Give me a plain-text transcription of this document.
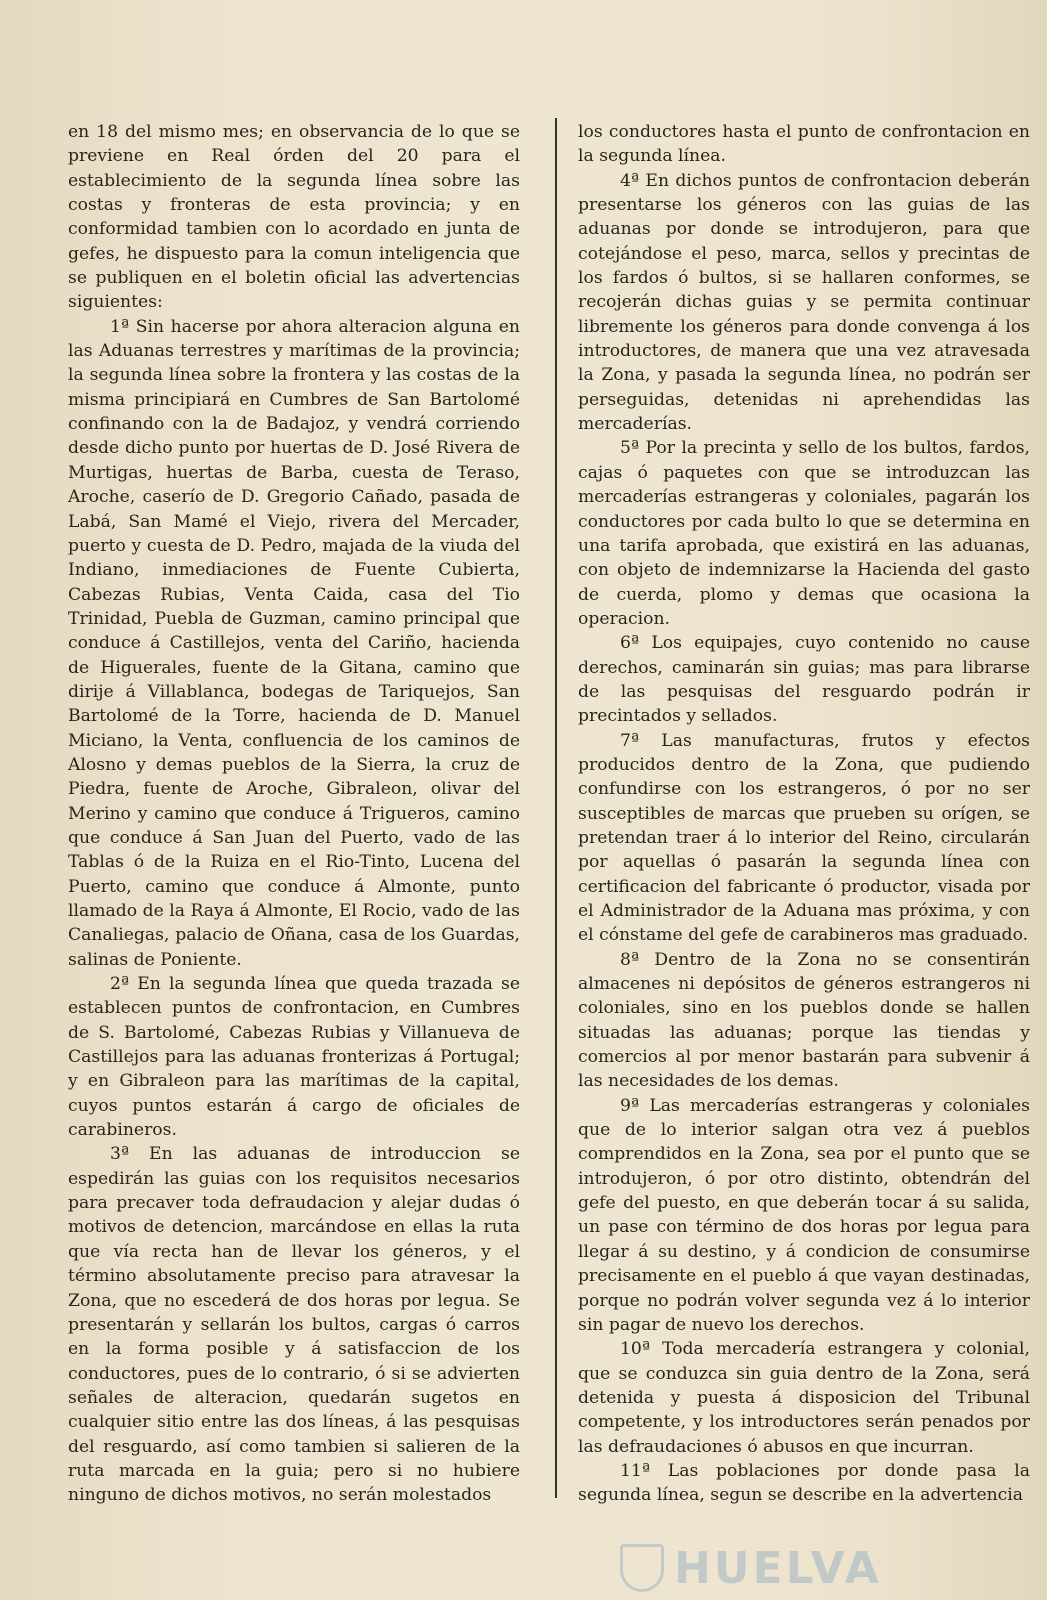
en 18 del mismo mes; en observancia de lo que se previene en Real órden del 20 para el establecimiento de la segunda línea sobre las costas y fronteras de esta provincia; y en conformidad tambien con lo acordado en junta de gefes, he dispuesto para la comun inteligencia que se publiquen en el boletin oficial las advertencias siguientes:

1ª Sin hacerse por ahora alteracion alguna en las Aduanas terrestres y marítimas de la provincia; la segunda línea sobre la frontera y las costas de la misma principiará en Cumbres de San Bartolomé confinando con la de Badajoz, y vendrá corriendo desde dicho punto por huertas de D. José Rivera de Murtigas, huertas de Barba, cuesta de Teraso, Aroche, caserío de D. Gregorio Cañado, pasada de Labá, San Mamé el Viejo, rivera del Mercader, puerto y cuesta de D. Pedro, majada de la viuda del Indiano, inmediaciones de Fuente Cubierta, Cabezas Rubias, Venta Caida, casa del Tio Trinidad, Puebla de Guzman, camino principal que conduce á Castillejos, venta del Cariño, hacienda de Higuerales, fuente de la Gitana, camino que dirije á Villablanca, bodegas de Tariquejos, San Bartolomé de la Torre, hacienda de D. Manuel Miciano, la Venta, confluencia de los caminos de Alosno y demas pueblos de la Sierra, la cruz de Piedra, fuente de Aroche, Gibraleon, olivar del Merino y camino que conduce á Trigueros, camino que conduce á San Juan del Puerto, vado de las Tablas ó de la Ruiza en el Rio-Tinto, Lucena del Puerto, camino que conduce á Almonte, punto llamado de la Raya á Almonte, El Rocio, vado de las Canaliegas, palacio de Oñana, casa de los Guardas, salinas de Poniente.

2ª En la segunda línea que queda trazada se establecen puntos de confrontacion, en Cumbres de S. Bartolomé, Cabezas Rubias y Villanueva de Castillejos para las aduanas fronterizas á Portugal; y en Gibraleon para las marítimas de la capital, cuyos puntos estarán á cargo de oficiales de carabineros.

3ª En las aduanas de introduccion se espedirán las guias con los requisitos necesarios para precaver toda defraudacion y alejar dudas ó motivos de detencion, marcándose en ellas la ruta que vía recta han de llevar los géneros, y el término absolutamente preciso para atravesar la Zona, que no escederá de dos horas por legua. Se presentarán y sellarán los bultos, cargas ó carros en la forma posible y á satisfaccion de los conductores, pues de lo contrario, ó si se advierten señales de alteracion, quedarán sugetos en cualquier sitio entre las dos líneas, á las pesquisas del resguardo, así como tambien si salieren de la ruta marcada en la guia; pero si no hubiere ninguno de dichos motivos, no serán molestados

los conductores hasta el punto de confrontacion en la segunda línea.

4ª En dichos puntos de confrontacion deberán presentarse los géneros con las guias de las aduanas por donde se introdujeron, para que cotejándose el peso, marca, sellos y precintas de los fardos ó bultos, si se hallaren conformes, se recojerán dichas guias y se permita continuar libremente los géneros para donde convenga á los introductores, de manera que una vez atravesada la Zona, y pasada la segunda línea, no podrán ser perseguidas, detenidas ni aprehendidas las mercaderías.

5ª Por la precinta y sello de los bultos, fardos, cajas ó paquetes con que se introduzcan las mercaderías estrangeras y coloniales, pagarán los conductores por cada bulto lo que se determina en una tarifa aprobada, que existirá en las aduanas, con objeto de indemnizarse la Hacienda del gasto de cuerda, plomo y demas que ocasiona la operacion.

6ª Los equipajes, cuyo contenido no cause derechos, caminarán sin guias; mas para librarse de las pesquisas del resguardo podrán ir precintados y sellados.

7ª Las manufacturas, frutos y efectos producidos dentro de la Zona, que pudiendo confundirse con los estrangeros, ó por no ser susceptibles de marcas que prueben su orígen, se pretendan traer á lo interior del Reino, circularán por aquellas ó pasarán la segunda línea con certificacion del fabricante ó productor, visada por el Administrador de la Aduana mas próxima, y con el cónstame del gefe de carabineros mas graduado.

8ª Dentro de la Zona no se consentirán almacenes ni depósitos de géneros estrangeros ni coloniales, sino en los pueblos donde se hallen situadas las aduanas; porque las tiendas y comercios al por menor bastarán para subvenir á las necesidades de los demas.

9ª Las mercaderías estrangeras y coloniales que de lo interior salgan otra vez á pueblos comprendidos en la Zona, sea por el punto que se introdujeron, ó por otro distinto, obtendrán del gefe del puesto, en que deberán tocar á su salida, un pase con término de dos horas por legua para llegar á su destino, y á condicion de consumirse precisamente en el pueblo á que vayan destinadas, porque no podrán volver segunda vez á lo interior sin pagar de nuevo los derechos.

10ª Toda mercadería estrangera y colonial, que se conduzca sin guia dentro de la Zona, será detenida y puesta á disposicion del Tribunal competente, y los introductores serán penados por las defraudaciones ó abusos en que incurran.

11ª Las poblaciones por donde pasa la segunda línea, segun se describe en la advertencia

HUELVA
